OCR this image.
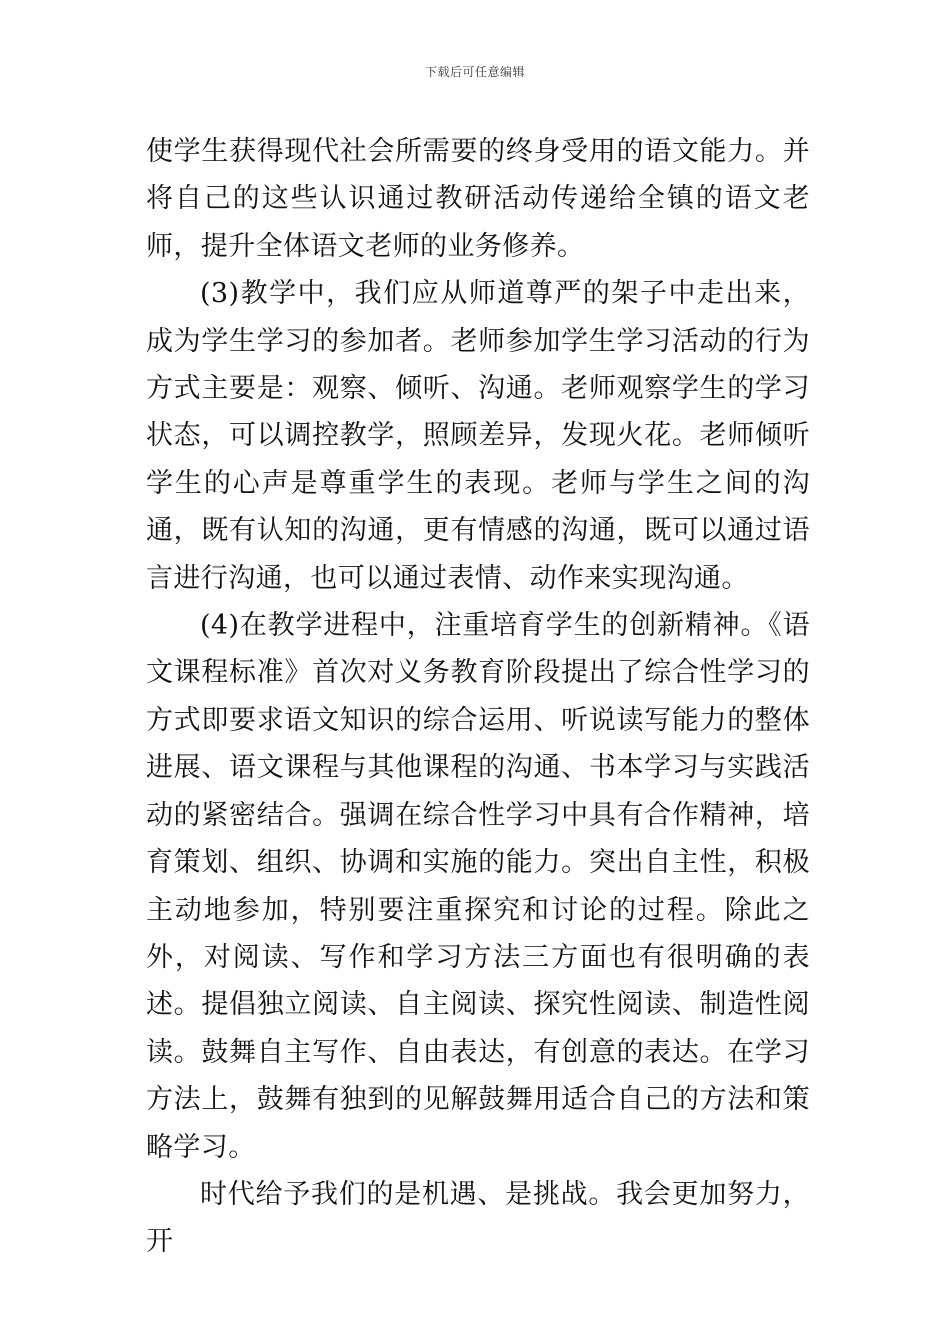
下载后可任意编辑

使学生获得现代社会所需要的终身受用的语文能力。并将自己的这些认识通过教研活动传递给全镇的语文老师，提升全体语文老师的业务修养。

(3)教学中，我们应从师道尊严的架子中走出来，成为学生学习的参加者。老师参加学生学习活动的行为方式主要是：观察、倾听、沟通。老师观察学生的学习状态，可以调控教学，照顾差异，发现火花。老师倾听学生的心声是尊重学生的表现。老师与学生之间的沟通，既有认知的沟通，更有情感的沟通，既可以通过语言进行沟通，也可以通过表情、动作来实现沟通。

(4)在教学进程中，注重培育学生的创新精神。《语文课程标准》首次对义务教育阶段提出了综合性学习的方式即要求语文知识的综合运用、听说读写能力的整体进展、语文课程与其他课程的沟通、书本学习与实践活动的紧密结合。强调在综合性学习中具有合作精神，培育策划、组织、协调和实施的能力。突出自主性，积极主动地参加，特别要注重探究和讨论的过程。除此之外，对阅读、写作和学习方法三方面也有很明确的表述。提倡独立阅读、自主阅读、探究性阅读、制造性阅读。鼓舞自主写作、自由表达，有创意的表达。在学习方法上，鼓舞有独到的见解鼓舞用适合自己的方法和策略学习。

时代给予我们的是机遇、是挑战。我会更加努力，开
